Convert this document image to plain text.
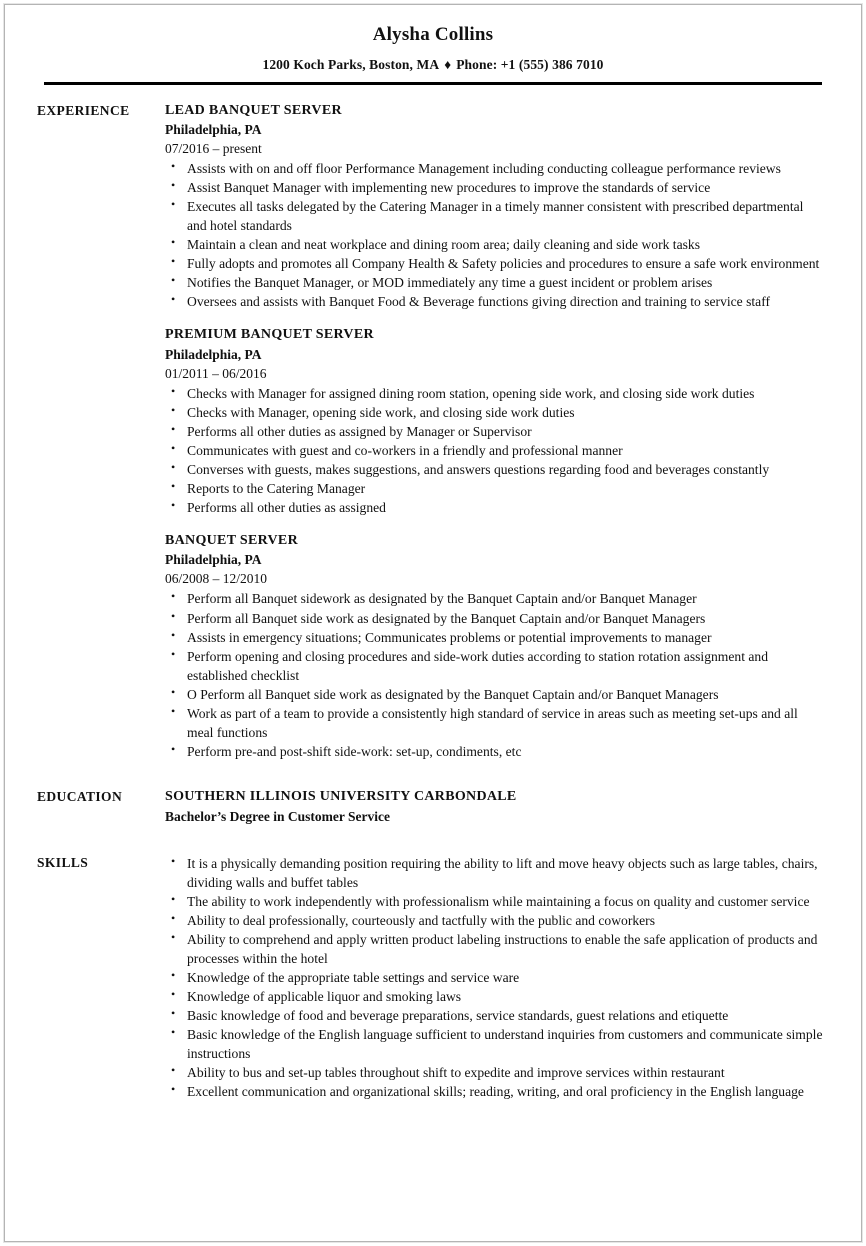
Alysha Collins
1200 Koch Parks, Boston, MA ♦ Phone: +1 (555) 386 7010
EXPERIENCE	LEAD BANQUET SERVER
Philadelphia, PA
07/2016 – present
• Assists with on and off floor Performance Management including conducting colleague performance reviews
• Assist Banquet Manager with implementing new procedures to improve the standards of service
• Executes all tasks delegated by the Catering Manager in a timely manner consistent with prescribed departmental and hotel standards
• Maintain a clean and neat workplace and dining room area; daily cleaning and side work tasks
• Fully adopts and promotes all Company Health & Safety policies and procedures to ensure a safe work environment
• Notifies the Banquet Manager, or MOD immediately any time a guest incident or problem arises
• Oversees and assists with Banquet Food & Beverage functions giving direction and training to service staff
PREMIUM BANQUET SERVER
Philadelphia, PA
01/2011 – 06/2016
• Checks with Manager for assigned dining room station, opening side work, and closing side work duties
• Checks with Manager, opening side work, and closing side work duties
• Performs all other duties as assigned by Manager or Supervisor
• Communicates with guest and co-workers in a friendly and professional manner
• Converses with guests, makes suggestions, and answers questions regarding food and beverages constantly
• Reports to the Catering Manager
• Performs all other duties as assigned
BANQUET SERVER
Philadelphia, PA
06/2008 – 12/2010
• Perform all Banquet sidework as designated by the Banquet Captain and/or Banquet Manager
• Perform all Banquet side work as designated by the Banquet Captain and/or Banquet Managers
• Assists in emergency situations; Communicates problems or potential improvements to manager
• Perform opening and closing procedures and side-work duties according to station rotation assignment and established checklist
• O Perform all Banquet side work as designated by the Banquet Captain and/or Banquet Managers
• Work as part of a team to provide a consistently high standard of service in areas such as meeting set-ups and all meal functions
• Perform pre-and post-shift side-work: set-up, condiments, etc
EDUCATION	SOUTHERN ILLINOIS UNIVERSITY CARBONDALE
Bachelor’s Degree in Customer Service
SKILLS	• It is a physically demanding position requiring the ability to lift and move heavy objects such as large tables, chairs, dividing walls and buffet tables
• The ability to work independently with professionalism while maintaining a focus on quality and customer service
• Ability to deal professionally, courteously and tactfully with the public and coworkers
• Ability to comprehend and apply written product labeling instructions to enable the safe application of products and processes within the hotel
• Knowledge of the appropriate table settings and service ware
• Knowledge of applicable liquor and smoking laws
• Basic knowledge of food and beverage preparations, service standards, guest relations and etiquette
• Basic knowledge of the English language sufficient to understand inquiries from customers and communicate simple instructions
• Ability to bus and set-up tables throughout shift to expedite and improve services within restaurant
• Excellent communication and organizational skills; reading, writing, and oral proficiency in the English language
